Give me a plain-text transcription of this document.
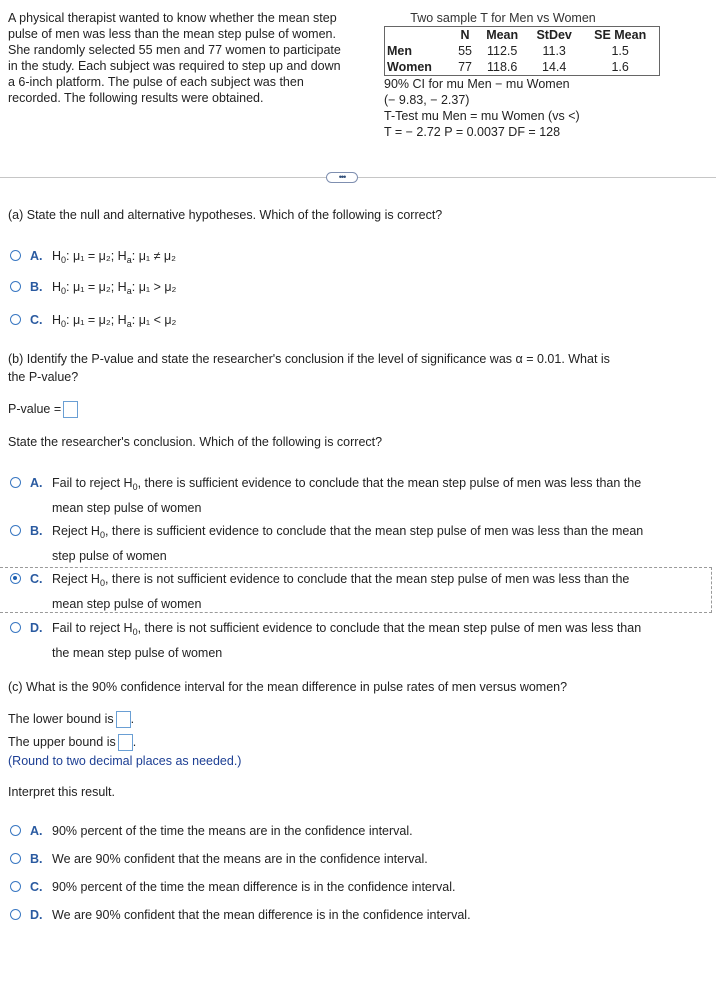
A physical therapist wanted to know whether the mean step
pulse of men was less than the mean step pulse of women.
She randomly selected 55 men and 77 women to participate
in the study. Each subject was required to step up and down
a 6-inch platform. The pulse of each subject was then
recorded. The following results were obtained.
Two sample T for Men vs Women
	N	Mean	StDev	SE Mean
Men	55	112.5	11.3	1.5
Women	77	118.6	14.4	1.6
90% CI for mu Men − mu Women
(− 9.83, − 2.37)
T-Test mu Men = mu Women (vs <)
T = − 2.72 P = 0.0037 DF = 128
•••
(a) State the null and alternative hypotheses. Which of the following is correct?
A. $H_0$: μ₁ = μ₂; $H_a$: μ₁ ≠ μ₂
B. $H_0$: μ₁ = μ₂; $H_a$: μ₁ > μ₂
C. $H_0$: μ₁ = μ₂; $H_a$: μ₁ < μ₂
(b) Identify the P-value and state the researcher's conclusion if the level of significance was α = 0.01. What is
the P-value?
P-value =
State the researcher's conclusion. Which of the following is correct?
A. Fail to reject $H_0$, there is sufficient evidence to conclude that the mean step pulse of men was less than the
mean step pulse of women
B. Reject $H_0$, there is sufficient evidence to conclude that the mean step pulse of men was less than the mean
step pulse of women
C. Reject $H_0$, there is not sufficient evidence to conclude that the mean step pulse of men was less than the
mean step pulse of women
D. Fail to reject $H_0$, there is not sufficient evidence to conclude that the mean step pulse of men was less than
the mean step pulse of women
(c) What is the 90% confidence interval for the mean difference in pulse rates of men versus women?
The lower bound is .
The upper bound is .
(Round to two decimal places as needed.)
Interpret this result.
A. 90% percent of the time the means are in the confidence interval.
B. We are 90% confident that the means are in the confidence interval.
C. 90% percent of the time the mean difference is in the confidence interval.
D. We are 90% confident that the mean difference is in the confidence interval.
